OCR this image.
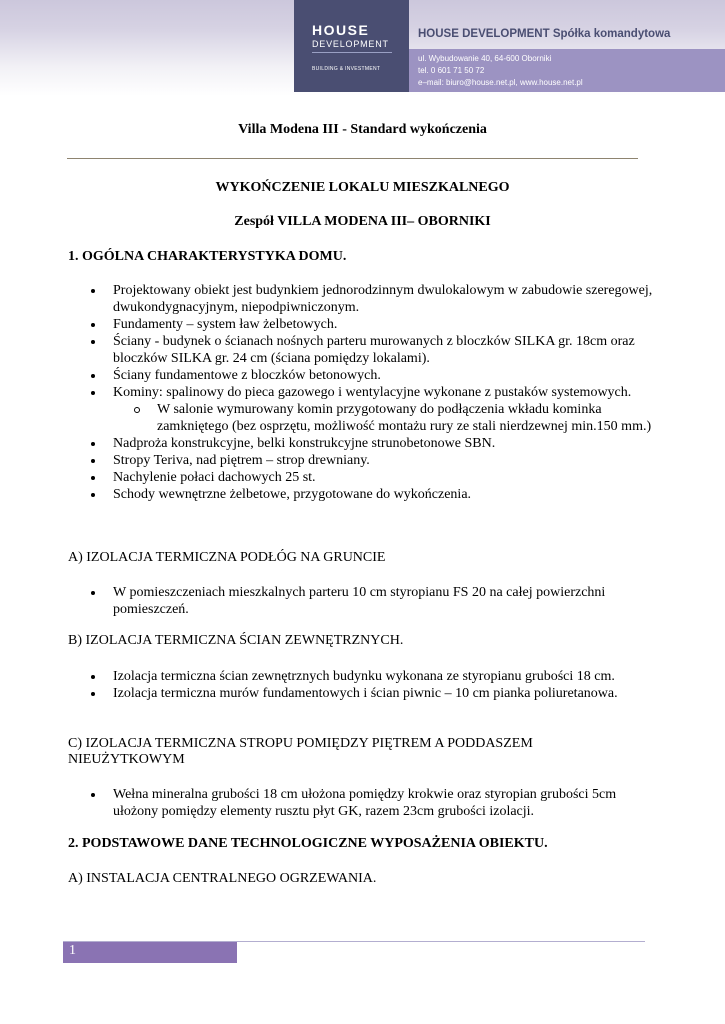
HOUSE
DEVELOPMENT
BUILDING & INVESTMENT
HOUSE DEVELOPMENT Spółka komandytowa
ul. Wybudowanie 40, 64-600 Oborniki
tel. 0 601 71 50 72
e–mail: biuro@house.net.pl, www.house.net.pl
Villa Modena III - Standard wykończenia
WYKOŃCZENIE LOKALU MIESZKALNEGO
Zespół VILLA MODENA III– OBORNIKI
1. OGÓLNA CHARAKTERYSTYKA DOMU.
Projektowany obiekt jest budynkiem jednorodzinnym dwulokalowym w zabudowie szeregowej, dwukondygnacyjnym, niepodpiwniczonym.
Fundamenty – system ław żelbetowych.
Ściany - budynek o ścianach nośnych parteru murowanych z bloczków SILKA gr. 18cm oraz bloczków SILKA gr. 24 cm (ściana pomiędzy lokalami).
Ściany fundamentowe z bloczków betonowych.
Kominy: spalinowy do pieca gazowego i wentylacyjne wykonane z pustaków systemowych.
W salonie wymurowany komin przygotowany do podłączenia wkładu kominka zamkniętego (bez osprzętu, możliwość montażu rury ze stali nierdzewnej min.150 mm.)
Nadproża konstrukcyjne, belki konstrukcyjne strunobetonowe SBN.
Stropy Teriva, nad piętrem – strop drewniany.
Nachylenie połaci dachowych 25 st.
Schody wewnętrzne żelbetowe, przygotowane do wykończenia.
A) IZOLACJA TERMICZNA PODŁÓG NA GRUNCIE
W pomieszczeniach mieszkalnych parteru 10 cm styropianu FS 20 na całej powierzchni pomieszczeń.
B) IZOLACJA TERMICZNA ŚCIAN ZEWNĘTRZNYCH.
Izolacja termiczna ścian zewnętrznych budynku wykonana ze styropianu grubości 18 cm.
Izolacja termiczna murów fundamentowych i ścian piwnic – 10 cm pianka poliuretanowa.
C) IZOLACJA TERMICZNA STROPU POMIĘDZY PIĘTREM A PODDASZEM
NIEUŻYTKOWYM
Wełna mineralna grubości 18 cm ułożona pomiędzy krokwie oraz styropian grubości 5cm ułożony pomiędzy elementy rusztu płyt GK, razem 23cm grubości izolacji.
2. PODSTAWOWE DANE TECHNOLOGICZNE WYPOSAŻENIA OBIEKTU.
A) INSTALACJA CENTRALNEGO OGRZEWANIA.
1
